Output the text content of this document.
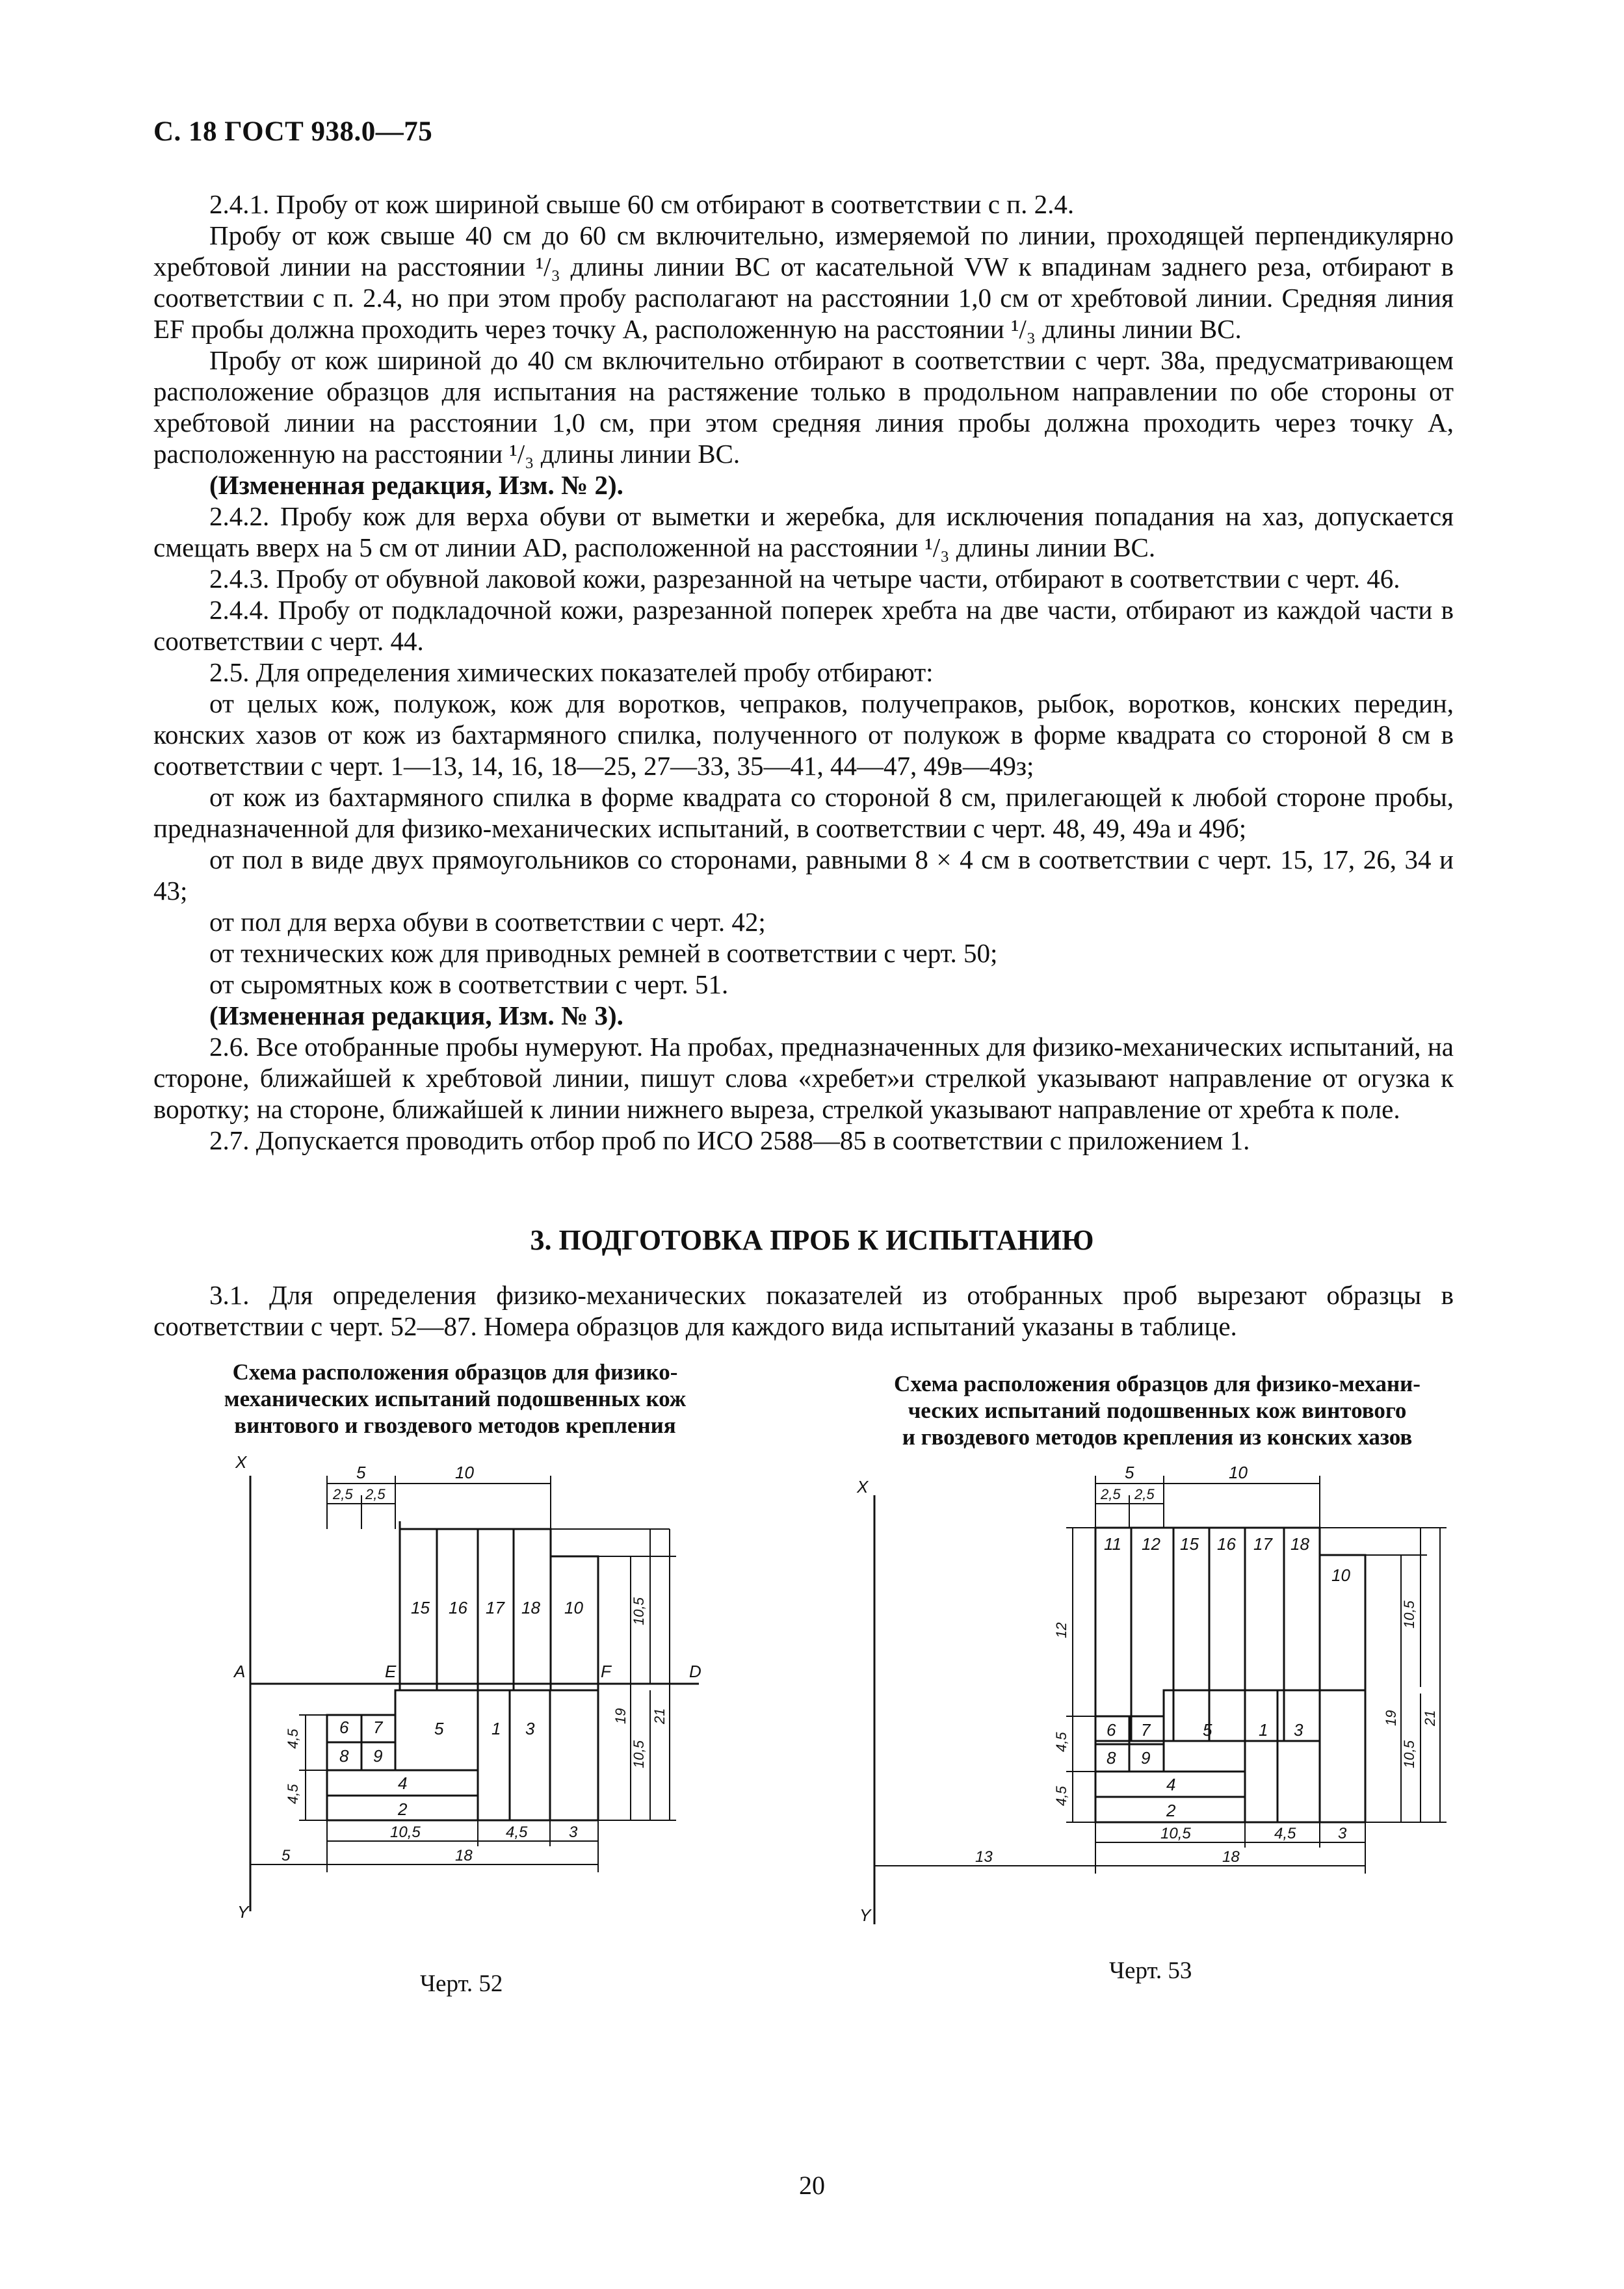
С. 18 ГОСТ 938.0—75

2.4.1. Пробу от кож шириной свыше 60 см отбирают в соответствии с п. 2.4.

Пробу от кож свыше 40 см до 60 см включительно, измеряемой по линии, проходящей перпендикулярно хребтовой линии на расстоянии ¹/₃ длины линии BC от касательной VW к впадинам заднего реза, отбирают в соответствии с п. 2.4, но при этом пробу располагают на расстоянии 1,0 см от хребтовой линии. Средняя линия EF пробы должна проходить через точку A, расположенную на расстоянии ¹/₃ длины линии BC.

Пробу от кож шириной до 40 см включительно отбирают в соответствии с черт. 38а, предусматривающем расположение образцов для испытания на растяжение только в продольном направлении по обе стороны от хребтовой линии на расстоянии 1,0 см, при этом средняя линия пробы должна проходить через точку А, расположенную на расстоянии ¹/₃ длины линии BC.

(Измененная редакция, Изм. № 2).

2.4.2. Пробу кож для верха обуви от выметки и жеребка, для исключения попадания на хаз, допускается смещать вверх на 5 см от линии AD, расположенной на расстоянии ¹/₃ длины линии BC.

2.4.3. Пробу от обувной лаковой кожи, разрезанной на четыре части, отбирают в соответствии с черт. 46.

2.4.4. Пробу от подкладочной кожи, разрезанной поперек хребта на две части, отбирают из каждой части в соответствии с черт. 44.

2.5. Для определения химических показателей пробу отбирают:

от целых кож, полукож, кож для воротков, чепраков, получепраков, рыбок, воротков, конских передин, конских хазов от кож из бахтармяного спилка, полученного от полукож в форме квадрата со стороной 8 см в соответствии с черт. 1—13, 14, 16, 18—25, 27—33, 35—41, 44—47, 49в—49з;

от кож из бахтармяного спилка в форме квадрата со стороной 8 см, прилегающей к любой стороне пробы, предназначенной для физико-механических испытаний, в соответствии с черт. 48, 49, 49а и 49б;

от пол в виде двух прямоугольников со сторонами, равными 8 × 4 см в соответствии с черт. 15, 17, 26, 34 и 43;

от пол для верха обуви в соответствии с черт. 42;

от технических кож для приводных ремней в соответствии с черт. 50;

от сыромятных кож в соответствии с черт. 51.

(Измененная редакция, Изм. № 3).

2.6. Все отобранные пробы нумеруют. На пробах, предназначенных для физико-механических испытаний, на стороне, ближайшей к хребтовой линии, пишут слова «хребет»и стрелкой указывают направление от огузка к воротку; на стороне, ближайшей к линии нижнего выреза, стрелкой указывают направление от хребта к поле.

2.7. Допускается проводить отбор проб по ИСО 2588—85 в соответствии с приложением 1.

3. ПОДГОТОВКА ПРОБ К ИСПЫТАНИЮ

3.1. Для определения физико-механических показателей из отобранных проб вырезают образцы в соответствии с черт. 52—87. Номера образцов для каждого вида испытаний указаны в таблице.

Схема расположения образцов для физико-
механических испытаний подошвенных кож
винтового и гвоздевого методов крепления
Схема расположения образцов для физико-механи-
ческих испытаний подошвенных кож винтового
и гвоздевого методов крепления из конских хазов
X
Y
A	E	F	D
15 16 17 18 10
6 7
8 9
5	1 3
4
2
5	10
2,5 2,5
10,5
10,5
19 21
4,5
4,5
10,5	4,5	3
5	18
X
Y
11 12 15 16 17 18
10
6 7
8 9
5	1 3
4
2
5	10
2,5 2,5
12
4,5
4,5
10,5
10,5
19 21
10,5	4,5	3
13	18
Черт. 52	Черт. 53
20
